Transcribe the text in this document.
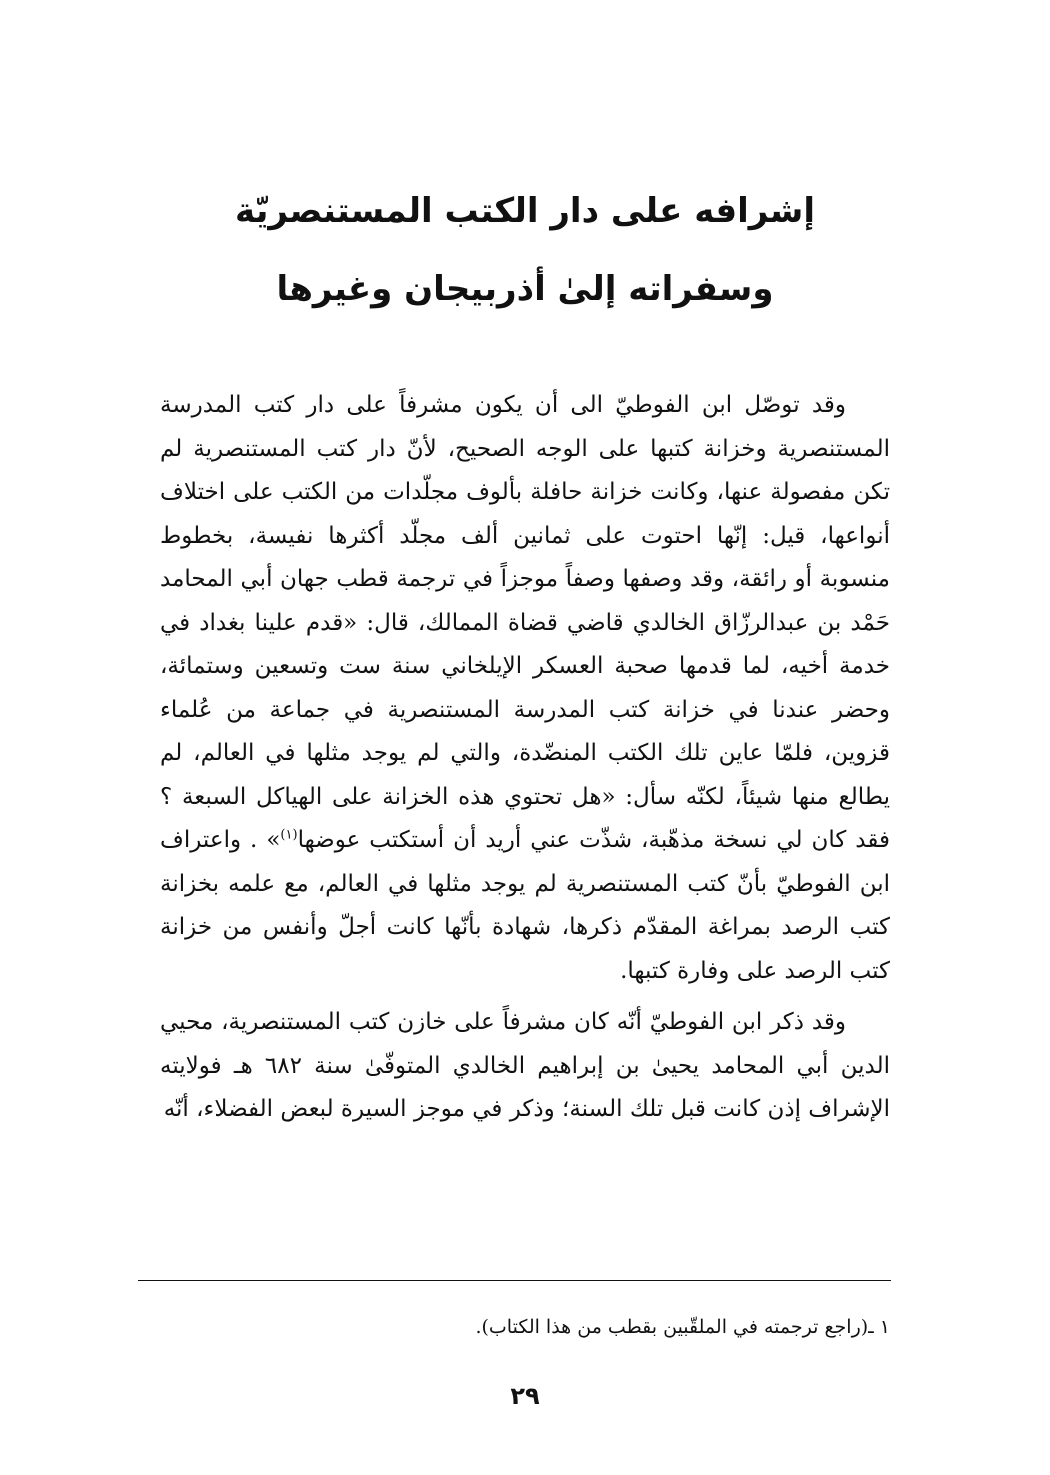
إشرافه على دار الكتب المستنصريّة

وسفراته إلىٰ أذربيجان وغيرها

وقد توصّل ابن الفوطيّ الى أن يكون مشرفاً على دار كتب المدرسة المستنصرية وخزانة كتبها على الوجه الصحيح، لأنّ دار كتب المستنصرية لم تكن مفصولة عنها، وكانت خزانة حافلة بألوف مجلّدات من الكتب على اختلاف أنواعها، قيل: إنّها احتوت على ثمانين ألف مجلّد أكثرها نفيسة، بخطوط منسوبة أو رائقة، وقد وصفها وصفاً موجزاً في ترجمة قطب جهان أبي المحامد حَمْد بن عبدالرزّاق الخالدي قاضي قضاة الممالك، قال: «قدم علينا بغداد في خدمة أخيه، لما قدمها صحبة العسكر الإيلخاني سنة ست وتسعين وستمائة، وحضر عندنا في خزانة كتب المدرسة المستنصرية في جماعة من عُلماء قزوين، فلمّا عاين تلك الكتب المنضّدة، والتي لم يوجد مثلها في العالم، لم يطالع منها شيئاً، لكنّه سأل: «هل تحتوي هذه الخزانة على الهياكل السبعة ؟ فقد كان لي نسخة مذهّبة، شذّت عني أريد أن أستكتب عوضها$^{(١)}$» . واعتراف ابن الفوطيّ بأنّ كتب المستنصرية لم يوجد مثلها في العالم، مع علمه بخزانة كتب الرصد بمراغة المقدّم ذكرها، شهادة بأنّها كانت أجلّ وأنفس من خزانة كتب الرصد على وفارة كتبها.

وقد ذكر ابن الفوطيّ أنّه كان مشرفاً على خازن كتب المستنصرية، محيي الدين أبي المحامد يحيىٰ بن إبراهيم الخالدي المتوفّىٰ سنة ٦٨٢ هـ فولايته الإشراف إذن كانت قبل تلك السنة؛ وذكر في موجز السيرة لبعض الفضلاء، أنّه

١ ـ(راجع ترجمته في الملقّبين بقطب من هذا الكتاب).
٢٩
